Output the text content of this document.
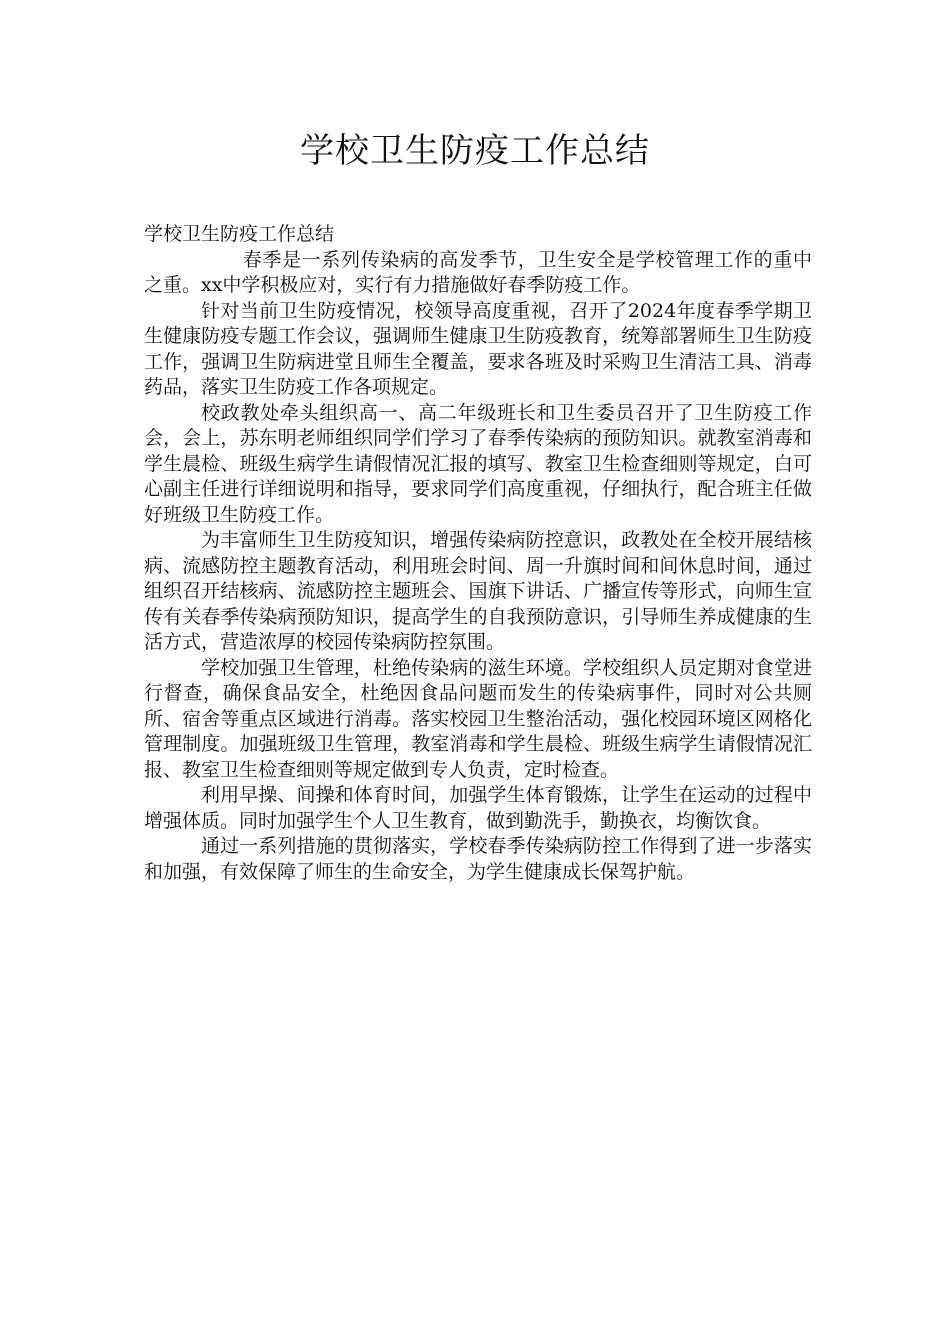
学校卫生防疫工作总结

学校卫生防疫工作总结

春季是一系列传染病的高发季节，卫生安全是学校管理工作的重中之重。xx中学积极应对，实行有力措施做好春季防疫工作。

针对当前卫生防疫情况，校领导高度重视，召开了2024年度春季学期卫生健康防疫专题工作会议，强调师生健康卫生防疫教育，统筹部署师生卫生防疫工作，强调卫生防病进堂且师生全覆盖，要求各班及时采购卫生清洁工具、消毒药品，落实卫生防疫工作各项规定。

校政教处牵头组织高一、高二年级班长和卫生委员召开了卫生防疫工作会，会上，苏东明老师组织同学们学习了春季传染病的预防知识。就教室消毒和学生晨检、班级生病学生请假情况汇报的填写、教室卫生检查细则等规定，白可心副主任进行详细说明和指导，要求同学们高度重视，仔细执行，配合班主任做好班级卫生防疫工作。

为丰富师生卫生防疫知识，增强传染病防控意识，政教处在全校开展结核病、流感防控主题教育活动，利用班会时间、周一升旗时间和间休息时间，通过组织召开结核病、流感防控主题班会、国旗下讲话、广播宣传等形式，向师生宣传有关春季传染病预防知识，提高学生的自我预防意识，引导师生养成健康的生活方式，营造浓厚的校园传染病防控氛围。

学校加强卫生管理，杜绝传染病的滋生环境。学校组织人员定期对食堂进行督查，确保食品安全，杜绝因食品问题而发生的传染病事件，同时对公共厕所、宿舍等重点区域进行消毒。落实校园卫生整治活动，强化校园环境区网格化管理制度。加强班级卫生管理，教室消毒和学生晨检、班级生病学生请假情况汇报、教室卫生检查细则等规定做到专人负责，定时检查。

利用早操、间操和体育时间，加强学生体育锻炼，让学生在运动的过程中增强体质。同时加强学生个人卫生教育，做到勤洗手，勤换衣，均衡饮食。

通过一系列措施的贯彻落实，学校春季传染病防控工作得到了进一步落实和加强，有效保障了师生的生命安全，为学生健康成长保驾护航。
